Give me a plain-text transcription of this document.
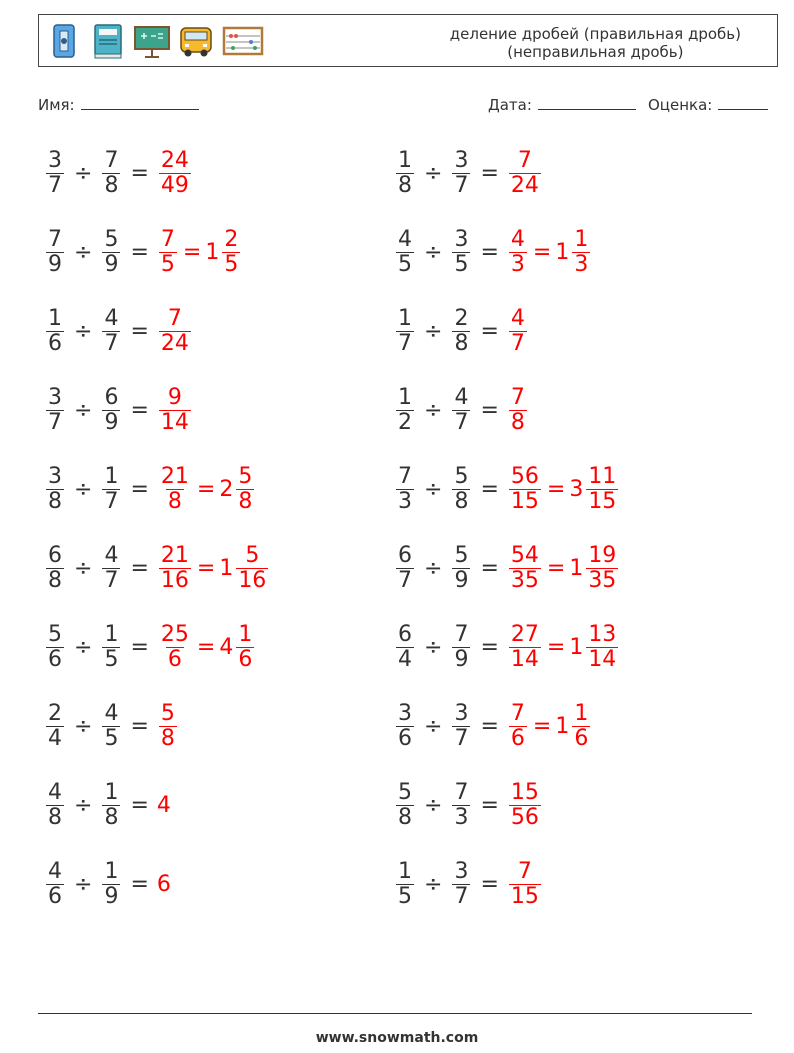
деление дробей (правильная дробь)
(неправильная дробь)
Имя:	Дата:	Оценка:
$\frac{3}{7} \div \frac{7}{8} = \frac{24}{49}$	$\frac{1}{8} \div \frac{3}{7} = \frac{7}{24}$
$\frac{7}{9} \div \frac{5}{9} = \frac{7}{5} = 1 \frac{2}{5}$	$\frac{4}{5} \div \frac{3}{5} = \frac{4}{3} = 1 \frac{1}{3}$
$\frac{1}{6} \div \frac{4}{7} = \frac{7}{24}$	$\frac{1}{7} \div \frac{2}{8} = \frac{4}{7}$
$\frac{3}{7} \div \frac{6}{9} = \frac{9}{14}$	$\frac{1}{2} \div \frac{4}{7} = \frac{7}{8}$
$\frac{3}{8} \div \frac{1}{7} = \frac{21}{8} = 2 \frac{5}{8}$	$\frac{7}{3} \div \frac{5}{8} = \frac{56}{15} = 3 \frac{11}{15}$
$\frac{6}{8} \div \frac{4}{7} = \frac{21}{16} = 1 \frac{5}{16}$	$\frac{6}{7} \div \frac{5}{9} = \frac{54}{35} = 1 \frac{19}{35}$
$\frac{5}{6} \div \frac{1}{5} = \frac{25}{6} = 4 \frac{1}{6}$	$\frac{6}{4} \div \frac{7}{9} = \frac{27}{14} = 1 \frac{13}{14}$
$\frac{2}{4} \div \frac{4}{5} = \frac{5}{8}$	$\frac{3}{6} \div \frac{3}{7} = \frac{7}{6} = 1 \frac{1}{6}$
$\frac{4}{8} \div \frac{1}{8} = 4$	$\frac{5}{8} \div \frac{7}{3} = \frac{15}{56}$
$\frac{4}{6} \div \frac{1}{9} = 6$	$\frac{1}{5} \div \frac{3}{7} = \frac{7}{15}$
www.snowmath.com
